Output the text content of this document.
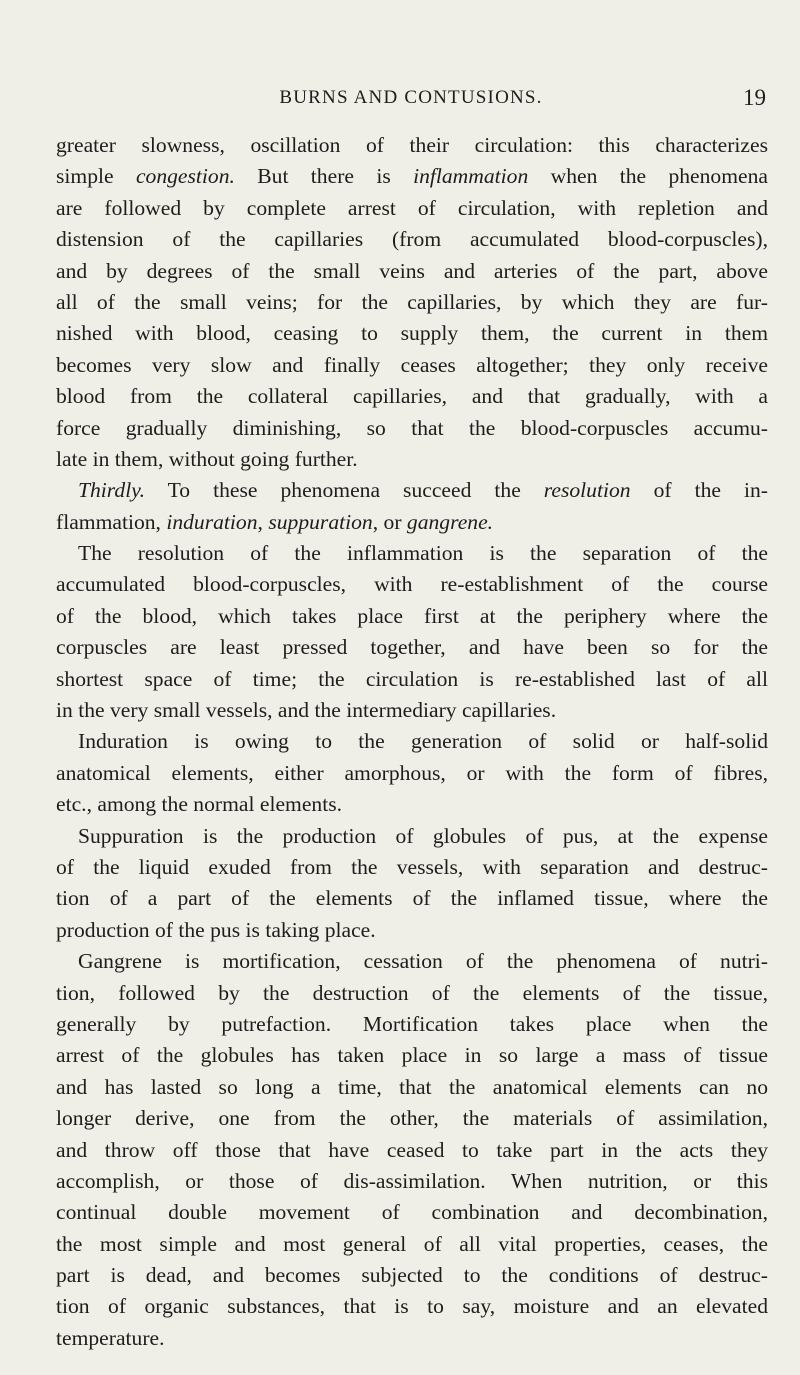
BURNS AND CONTUSIONS.	19
greater slowness, oscillation of their circulation: this characterizes
simple congestion. But there is inflammation when the phenomena
are followed by complete arrest of circulation, with repletion and
distension of the capillaries (from accumulated blood-corpuscles),
and by degrees of the small veins and arteries of the part, above
all of the small veins; for the capillaries, by which they are fur-
nished with blood, ceasing to supply them, the current in them
becomes very slow and finally ceases altogether; they only receive
blood from the collateral capillaries, and that gradually, with a
force gradually diminishing, so that the blood-corpuscles accumu-
late in them, without going further.
Thirdly. To these phenomena succeed the resolution of the in-
flammation, induration, suppuration, or gangrene.
The resolution of the inflammation is the separation of the
accumulated blood-corpuscles, with re-establishment of the course
of the blood, which takes place first at the periphery where the
corpuscles are least pressed together, and have been so for the
shortest space of time; the circulation is re-established last of all
in the very small vessels, and the intermediary capillaries.
Induration is owing to the generation of solid or half-solid
anatomical elements, either amorphous, or with the form of fibres,
etc., among the normal elements.
Suppuration is the production of globules of pus, at the expense
of the liquid exuded from the vessels, with separation and destruc-
tion of a part of the elements of the inflamed tissue, where the
production of the pus is taking place.
Gangrene is mortification, cessation of the phenomena of nutri-
tion, followed by the destruction of the elements of the tissue,
generally by putrefaction. Mortification takes place when the
arrest of the globules has taken place in so large a mass of tissue
and has lasted so long a time, that the anatomical elements can no
longer derive, one from the other, the materials of assimilation,
and throw off those that have ceased to take part in the acts they
accomplish, or those of dis-assimilation. When nutrition, or this
continual double movement of combination and decombination,
the most simple and most general of all vital properties, ceases, the
part is dead, and becomes subjected to the conditions of destruc-
tion of organic substances, that is to say, moisture and an elevated
temperature.
